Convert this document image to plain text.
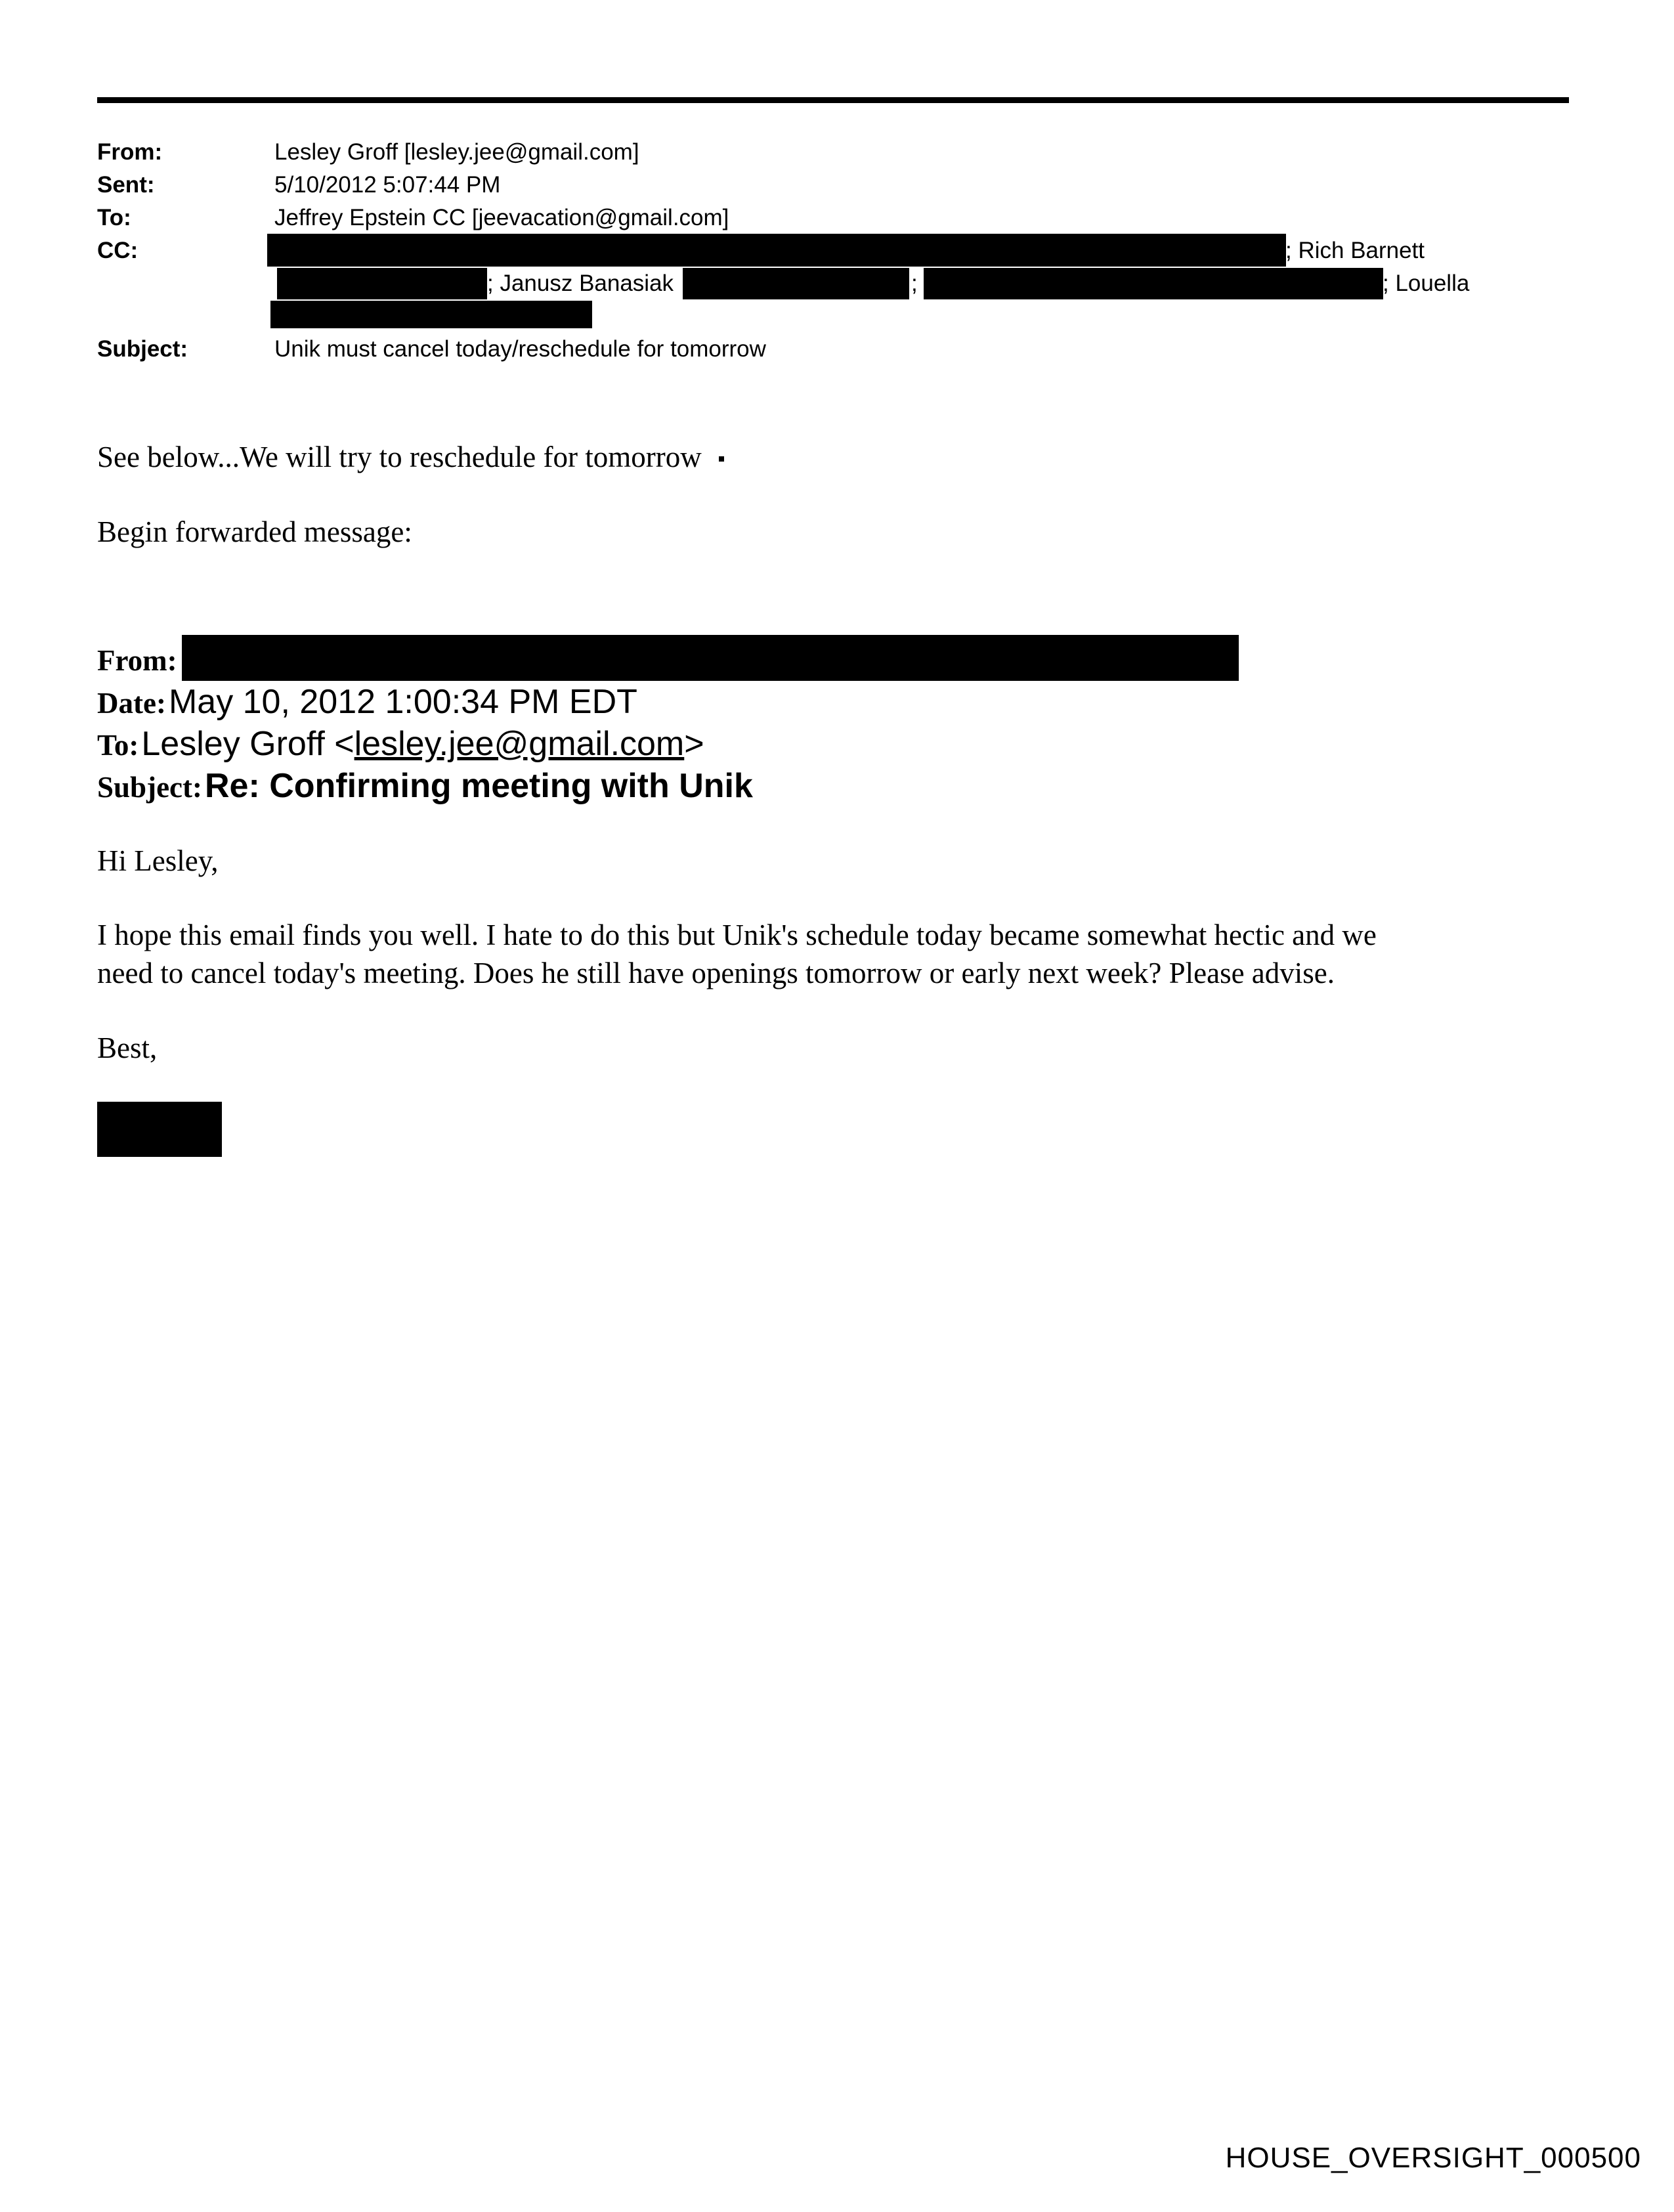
From:	Lesley Groff [lesley.jee@gmail.com]
Sent:	5/10/2012 5:07:44 PM
To:	Jeffrey Epstein CC [jeevacation@gmail.com]
CC:	; Rich Barnett
; Janusz Banasiak	;	; Louella
Subject:	Unik must cancel today/reschedule for tomorrow
See below...We will try to reschedule for tomorrow
Begin forwarded message:
From:
Date: May 10, 2012 1:00:34 PM EDT
To: Lesley Groff <lesley.jee@gmail.com>
Subject: Re: Confirming meeting with Unik
Hi Lesley,
I hope this email finds you well. I hate to do this but Unik's schedule today became somewhat hectic and we
need to cancel today's meeting. Does he still have openings tomorrow or early next week? Please advise.
Best,
HOUSE_OVERSIGHT_000500
